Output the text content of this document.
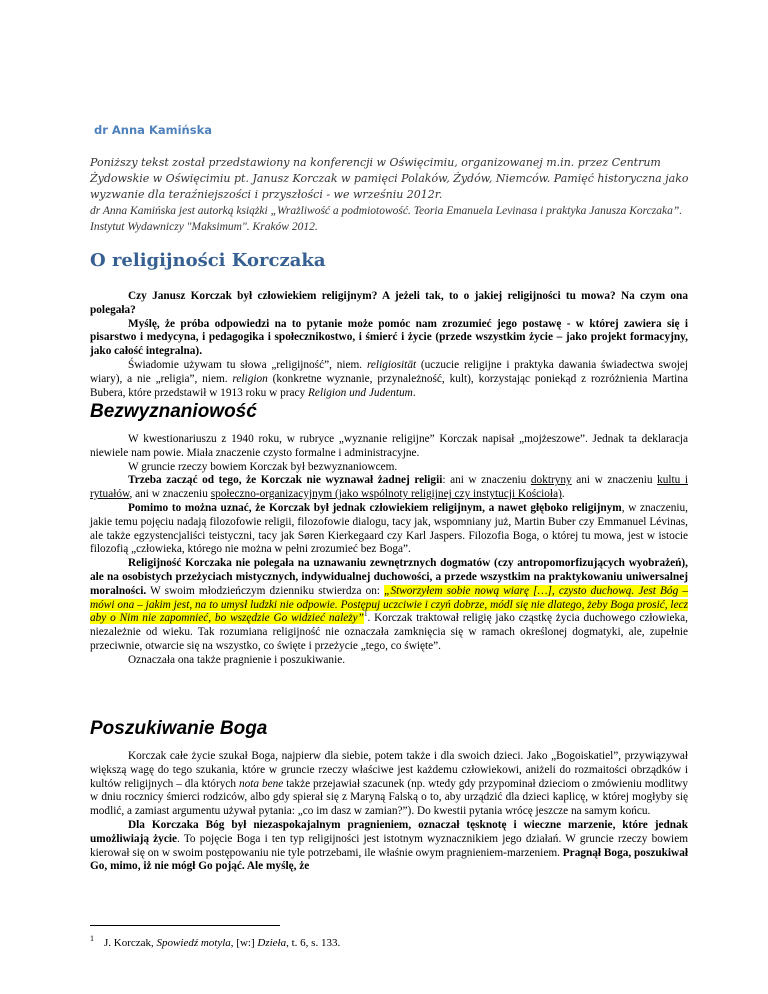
dr Anna Kamińska

Poniższy tekst został przedstawiony na konferencji w Oświęcimiu, organizowanej m.in. przez Centrum Żydowskie w Oświęcimiu pt. Janusz Korczak w pamięci Polaków, Żydów, Niemców. Pamięć historyczna jako wyzwanie dla teraźniejszości i przyszłości - we wrześniu 2012r.

dr Anna Kamińska jest autorką książki „Wrażliwość a podmiotowość. Teoria Emanuela Levinasa i praktyka Janusza Korczaka”. Instytut Wydawniczy "Maksimum". Kraków 2012.

O religijności Korczaka

Czy Janusz Korczak był człowiekiem religijnym? A jeżeli tak, to o jakiej religijności tu mowa? Na czym ona polegała?

Myślę, że próba odpowiedzi na to pytanie może pomóc nam zrozumieć jego postawę - w której zawiera się i pisarstwo i medycyna, i pedagogika i społecznikostwo, i śmierć i życie (przede wszystkim życie – jako projekt formacyjny, jako całość integralna).

Świadomie używam tu słowa „religijność”, niem. religiosität (uczucie religijne i praktyka dawania świadectwa swojej wiary), a nie „religia”, niem. religion (konkretne wyznanie, przynależność, kult), korzystając poniekąd z rozróżnienia Martina Bubera, które przedstawił w 1913 roku w pracy Religion und Judentum.

Bezwyznaniowość

W kwestionariuszu z 1940 roku, w rubryce „wyznanie religijne” Korczak napisał „mojżeszowe”. Jednak ta deklaracja niewiele nam powie. Miała znaczenie czysto formalne i administracyjne.

W gruncie rzeczy bowiem Korczak był bezwyznaniowcem.

Trzeba zacząć od tego, że Korczak nie wyznawał żadnej religii: ani w znaczeniu doktryny ani w znaczeniu kultu i rytuałów, ani w znaczeniu społeczno-organizacyjnym (jako wspólnoty religijnej czy instytucji Kościoła).

Pomimo to można uznać, że Korczak był jednak człowiekiem religijnym, a nawet głęboko religijnym, w znaczeniu, jakie temu pojęciu nadają filozofowie religii, filozofowie dialogu, tacy jak, wspomniany już, Martin Buber czy Emmanuel Lévinas, ale także egzystencjaliści teistyczni, tacy jak Søren Kierkegaard czy Karl Jaspers. Filozofia Boga, o której tu mowa, jest w istocie filozofią „człowieka, którego nie można w pełni zrozumieć bez Boga”.

Religijność Korczaka nie polegała na uznawaniu zewnętrznych dogmatów (czy antropomorfizujących wyobrażeń), ale na osobistych przeżyciach mistycznych, indywidualnej duchowości, a przede wszystkim na praktykowaniu uniwersalnej moralności. W swoim młodzieńczym dzienniku stwierdza on: „Stworzyłem sobie nową wiarę […], czysto duchową. Jest Bóg – mówi ona – jakim jest, na to umysł ludzki nie odpowie. Postępuj uczciwie i czyń dobrze, módl się nie dlatego, żeby Boga prosić, lecz aby o Nim nie zapomnieć, bo wszędzie Go widzieć należy”$^1$. Korczak traktował religię jako cząstkę życia duchowego człowieka, niezależnie od wieku. Tak rozumiana religijność nie oznaczała zamknięcia się w ramach określonej dogmatyki, ale, zupełnie przeciwnie, otwarcie się na wszystko, co święte i przeżycie „tego, co święte”.

Oznaczała ona także pragnienie i poszukiwanie.

Poszukiwanie Boga

Korczak całe życie szukał Boga, najpierw dla siebie, potem także i dla swoich dzieci. Jako „Bogoiskatiel”, przywiązywał większą wagę do tego szukania, które w gruncie rzeczy właściwe jest każdemu człowiekowi, aniżeli do rozmaitości obrządków i kultów religijnych – dla których nota bene także przejawiał szacunek (np. wtedy gdy przypominał dzieciom o zmówieniu modlitwy w dniu rocznicy śmierci rodziców, albo gdy spierał się z Maryną Falską o to, aby urządzić dla dzieci kaplicę, w której mogłyby się modlić, a zamiast argumentu używał pytania: „co im dasz w zamian?”). Do kwestii pytania wrócę jeszcze na samym końcu.

Dla Korczaka Bóg był niezaspokajalnym pragnieniem, oznaczał tęsknotę i wieczne marzenie, które jednak umożliwiają życie. To pojęcie Boga i ten typ religijności jest istotnym wyznacznikiem jego działań. W gruncie rzeczy bowiem kierował się on w swoim postępowaniu nie tyle potrzebami, ile właśnie owym pragnieniem-marzeniem. Pragnął Boga, poszukiwał Go, mimo, iż nie mógł Go pojąć. Ale myślę, że

$^1$ J. Korczak, Spowiedź motyla, [w:] Dzieła, t. 6, s. 133.
